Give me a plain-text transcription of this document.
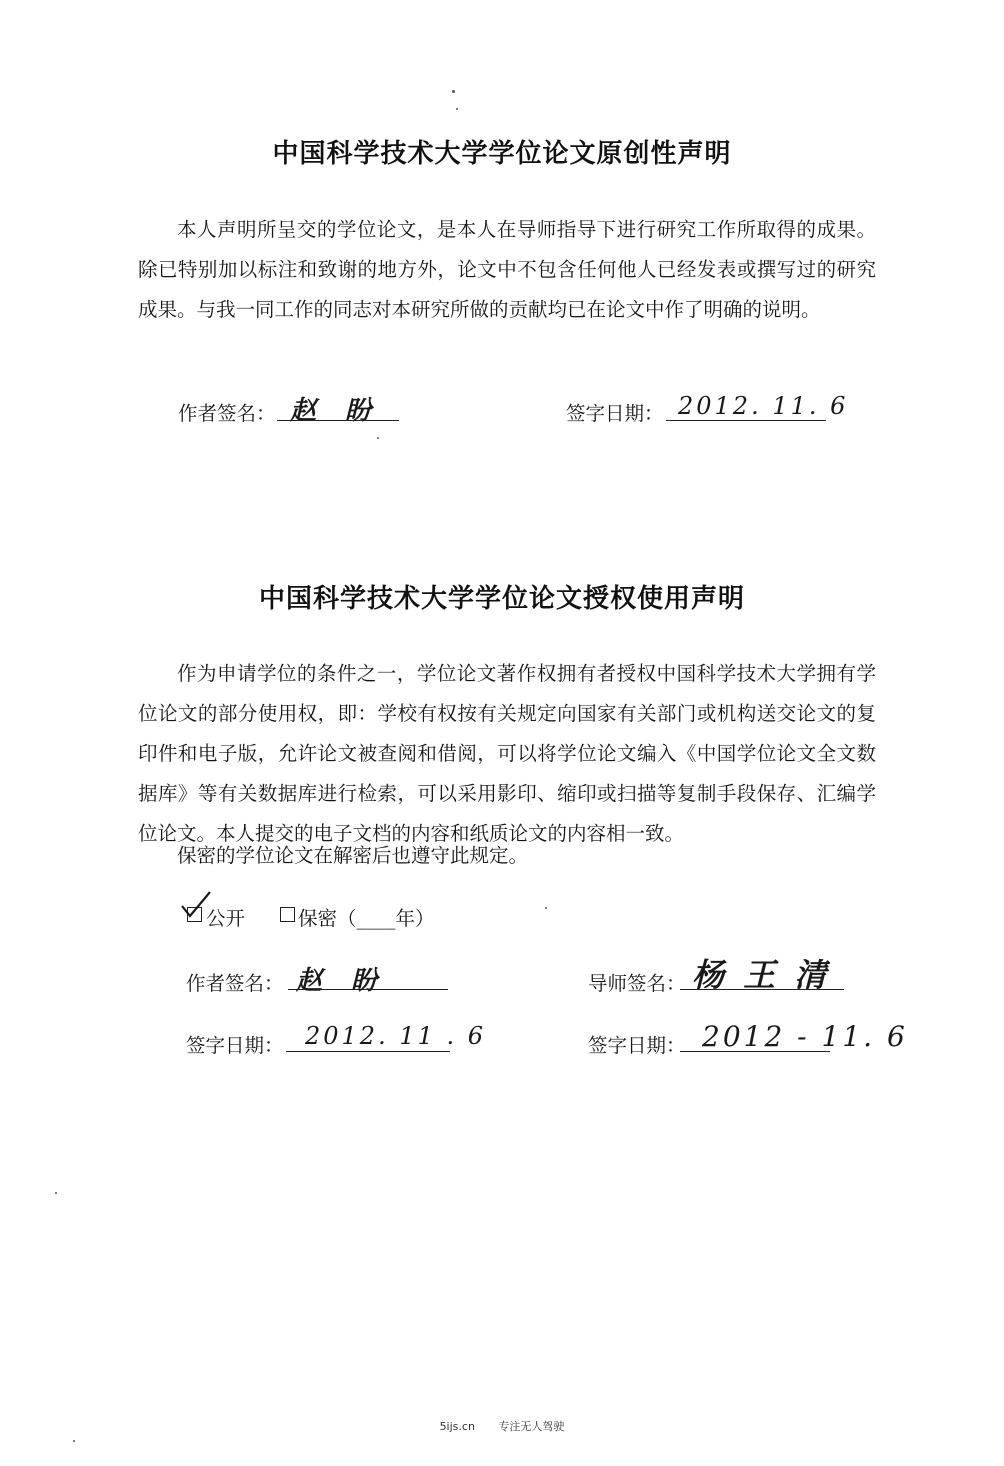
中国科学技术大学学位论文原创性声明
本人声明所呈交的学位论文，是本人在导师指导下进行研究工作所取得的成果。除已特别加以标注和致谢的地方外，论文中不包含任何他人已经发表或撰写过的研究成果。与我一同工作的同志对本研究所做的贡献均已在论文中作了明确的说明。
作者签名： 赵 盼	签字日期： 2012. 11. 6
中国科学技术大学学位论文授权使用声明
作为申请学位的条件之一，学位论文著作权拥有者授权中国科学技术大学拥有学位论文的部分使用权，即：学校有权按有关规定向国家有关部门或机构送交论文的复印件和电子版，允许论文被查阅和借阅，可以将学位论文编入《中国学位论文全文数据库》等有关数据库进行检索，可以采用影印、缩印或扫描等复制手段保存、汇编学位论文。本人提交的电子文档的内容和纸质论文的内容相一致。
保密的学位论文在解密后也遵守此规定。
公开	保密（____年）
作者签名： 赵 盼	导师签名： 杨 王 清
签字日期： 2012. 11 . 6	签字日期： 2012 - 11. 6
5ijs.cn 专注无人驾驶
